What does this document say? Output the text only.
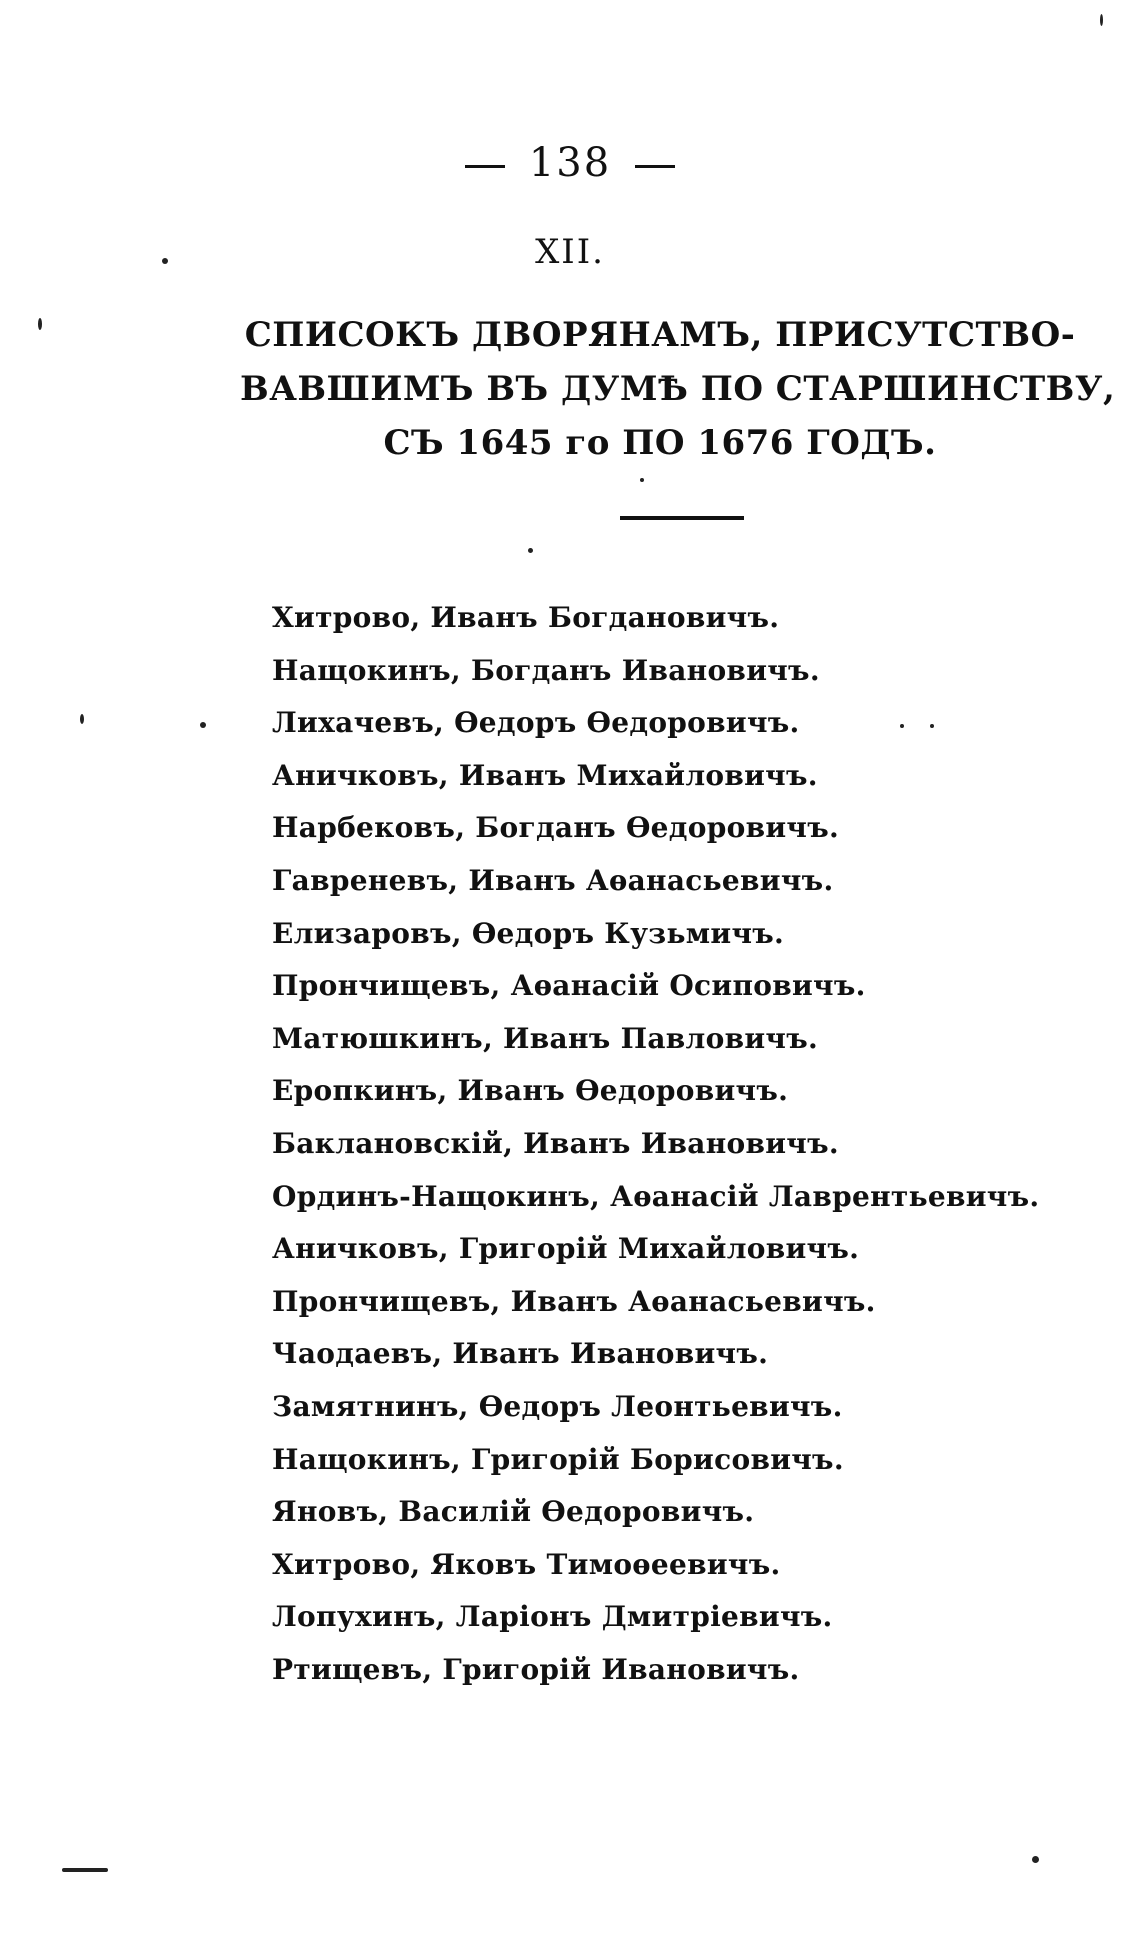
138
XII.
СПИСОКЪ ДВОРЯНАМЪ, ПРИСУТСТВО-
ВАВШИМЪ ВЪ ДУМѢ ПО СТАРШИНСТВУ,
СЪ 1645 го ПО 1676 ГОДЪ.
Хитрово, Иванъ Богдановичъ.
Нащокинъ, Богданъ Ивановичъ.
Лихачевъ, Ѳедоръ Ѳедоровичъ.
Аничковъ, Иванъ Михайловичъ.
Нарбековъ, Богданъ Ѳедоровичъ.
Гавреневъ, Иванъ Аѳанасьевичъ.
Елизаровъ, Ѳедоръ Кузьмичъ.
Прончищевъ, Аѳанасій Осиповичъ.
Матюшкинъ, Иванъ Павловичъ.
Еропкинъ, Иванъ Ѳедоровичъ.
Баклановскій, Иванъ Ивановичъ.
Ординъ-Нащокинъ, Аѳанасій Лаврентьевичъ.
Аничковъ, Григорій Михайловичъ.
Прончищевъ, Иванъ Аѳанасьевичъ.
Чаодаевъ, Иванъ Ивановичъ.
Замятнинъ, Ѳедоръ Леонтьевичъ.
Нащокинъ, Григорій Борисовичъ.
Яновъ, Василій Ѳедоровичъ.
Хитрово, Яковъ Тимоѳеевичъ.
Лопухинъ, Ларіонъ Дмитріевичъ.
Ртищевъ, Григорій Ивановичъ.
